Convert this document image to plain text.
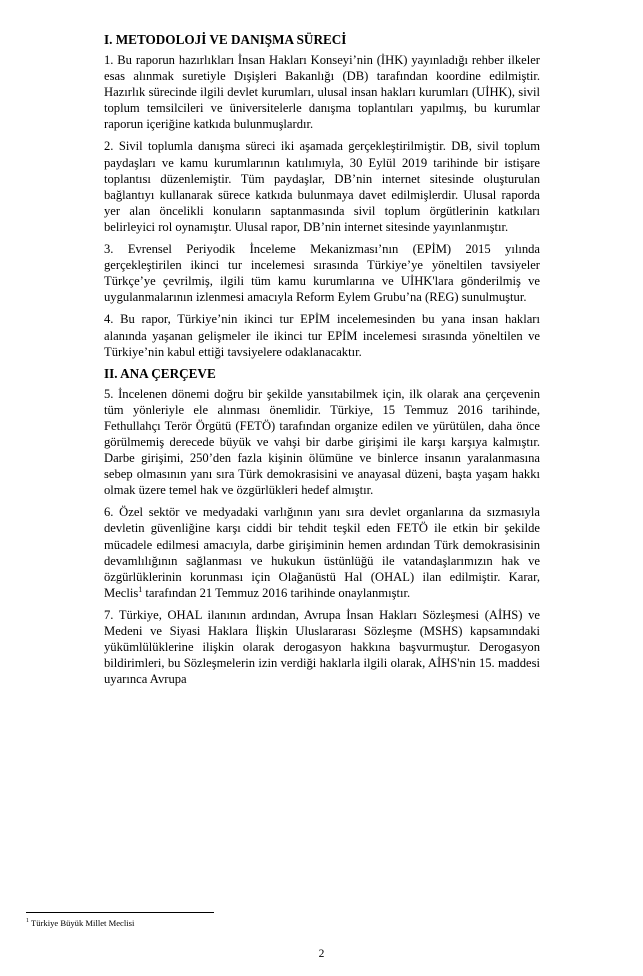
I. METODOLOJİ VE DANIŞMA SÜRECİ

1. Bu raporun hazırlıkları İnsan Hakları Konseyi’nin (İHK) yayınladığı rehber ilkeler esas alınmak suretiyle Dışişleri Bakanlığı (DB) tarafından koordine edilmiştir. Hazırlık sürecinde ilgili devlet kurumları, ulusal insan hakları kurumları (UİHK), sivil toplum temsilcileri ve üniversitelerle danışma toplantıları yapılmış, bu kurumlar raporun içeriğine katkıda bulunmuşlardır.

2. Sivil toplumla danışma süreci iki aşamada gerçekleştirilmiştir. DB, sivil toplum paydaşları ve kamu kurumlarının katılımıyla, 30 Eylül 2019 tarihinde bir istişare toplantısı düzenlemiştir. Tüm paydaşlar, DB’nin internet sitesinde oluşturulan bağlantıyı kullanarak sürece katkıda bulunmaya davet edilmişlerdir. Ulusal raporda yer alan öncelikli konuların saptanmasında sivil toplum örgütlerinin katkıları belirleyici rol oynamıştır. Ulusal rapor, DB’nin internet sitesinde yayınlanmıştır.

3. Evrensel Periyodik İnceleme Mekanizması’nın (EPİM) 2015 yılında gerçekleştirilen ikinci tur incelemesi sırasında Türkiye’ye yöneltilen tavsiyeler Türkçe’ye çevrilmiş, ilgili tüm kamu kurumlarına ve UİHK'lara gönderilmiş ve uygulanmalarının izlenmesi amacıyla Reform Eylem Grubu’na (REG) sunulmuştur.

4. Bu rapor, Türkiye’nin ikinci tur EPİM incelemesinden bu yana insan hakları alanında yaşanan gelişmeler ile ikinci tur EPİM incelemesi sırasında yöneltilen ve Türkiye’nin kabul ettiği tavsiyelere odaklanacaktır.

II. ANA ÇERÇEVE

5. İncelenen dönemi doğru bir şekilde yansıtabilmek için, ilk olarak ana çerçevenin tüm yönleriyle ele alınması önemlidir. Türkiye, 15 Temmuz 2016 tarihinde, Fethullahçı Terör Örgütü (FETÖ) tarafından organize edilen ve yürütülen, daha önce görülmemiş derecede büyük ve vahşi bir darbe girişimi ile karşı karşıya kalmıştır. Darbe girişimi, 250’den fazla kişinin ölümüne ve binlerce insanın yaralanmasına sebep olmasının yanı sıra Türk demokrasisini ve anayasal düzeni, başta yaşam hakkı olmak üzere temel hak ve özgürlükleri hedef almıştır.

6. Özel sektör ve medyadaki varlığının yanı sıra devlet organlarına da sızmasıyla devletin güvenliğine karşı ciddi bir tehdit teşkil eden FETÖ ile etkin bir şekilde mücadele edilmesi amacıyla, darbe girişiminin hemen ardından Türk demokrasisinin devamlılığının sağlanması ve hukukun üstünlüğü ile vatandaşlarımızın hak ve özgürlüklerinin korunması için Olağanüstü Hal (OHAL) ilan edilmiştir. Karar, Meclis$^1$ tarafından 21 Temmuz 2016 tarihinde onaylanmıştır.

7. Türkiye, OHAL ilanının ardından, Avrupa İnsan Hakları Sözleşmesi (AİHS) ve Medeni ve Siyasi Haklara İlişkin Uluslararası Sözleşme (MSHS) kapsamındaki yükümlülüklerine ilişkin olarak derogasyon hakkına başvurmuştur. Derogasyon bildirimleri, bu Sözleşmelerin izin verdiği haklarla ilgili olarak, AİHS'nin 15. maddesi uyarınca Avrupa

$^1$ Türkiye Büyük Millet Meclisi
2
